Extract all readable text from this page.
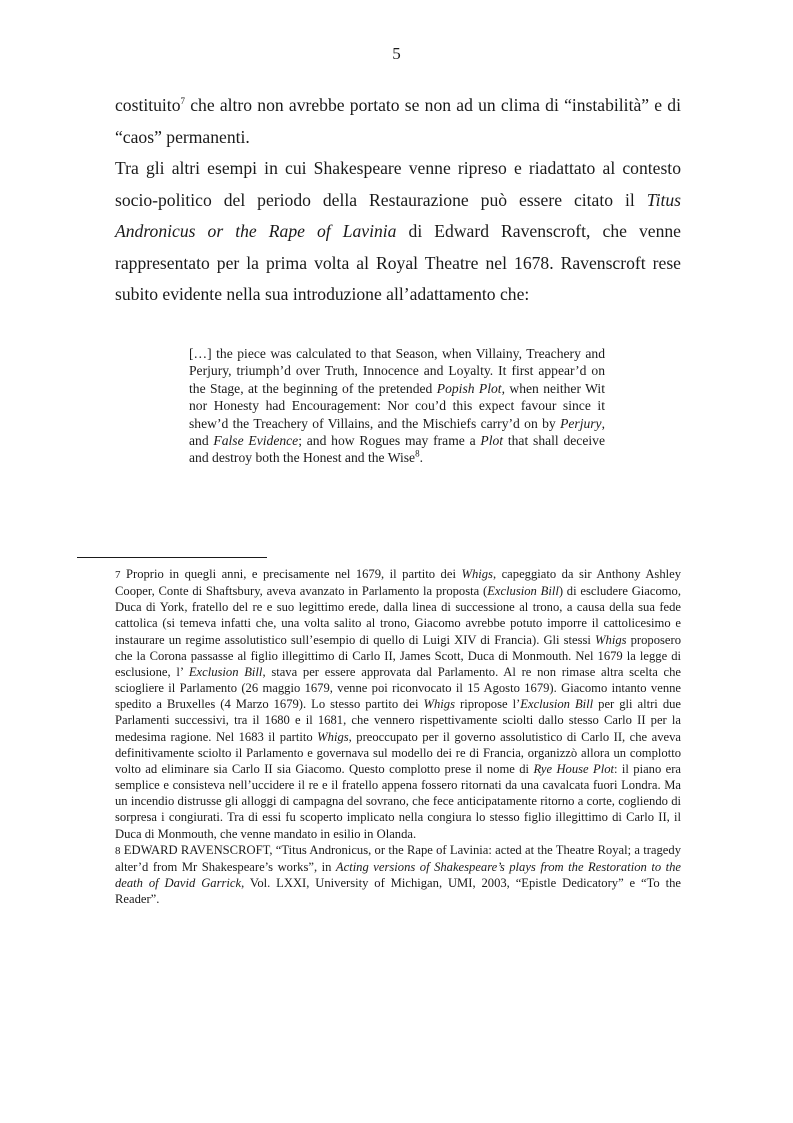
5

costituito$^7$ che altro non avrebbe portato se non ad un clima di “instabilità” e di “caos” permanenti.

Tra gli altri esempi in cui Shakespeare venne ripreso e riadattato al contesto socio-politico del periodo della Restaurazione può essere citato il Titus Andronicus or the Rape of Lavinia di Edward Ravenscroft, che venne rappresentato per la prima volta al Royal Theatre nel 1678. Ravenscroft rese subito evidente nella sua introduzione all’adattamento che:

[…] the piece was calculated to that Season, when Villainy, Treachery and Perjury, triumph’d over Truth, Innocence and Loyalty. It first appear’d on the Stage, at the beginning of the pretended Popish Plot, when neither Wit nor Honesty had Encouragement: Nor cou’d this expect favour since it shew’d the Treachery of Villains, and the Mischiefs carry’d on by Perjury, and False Evidence; and how Rogues may frame a Plot that shall deceive and destroy both the Honest and the Wise$^8$.

7 Proprio in quegli anni, e precisamente nel 1679, il partito dei Whigs, capeggiato da sir Anthony Ashley Cooper, Conte di Shaftsbury, aveva avanzato in Parlamento la proposta (Exclusion Bill) di escludere Giacomo, Duca di York, fratello del re e suo legittimo erede, dalla linea di successione al trono, a causa della sua fede cattolica (si temeva infatti che, una volta salito al trono, Giacomo avrebbe potuto imporre il cattolicesimo e instaurare un regime assolutistico sull’esempio di quello di Luigi XIV di Francia). Gli stessi Whigs proposero che la Corona passasse al figlio illegittimo di Carlo II, James Scott, Duca di Monmouth. Nel 1679 la legge di esclusione, l’ Exclusion Bill, stava per essere approvata dal Parlamento. Al re non rimase altra scelta che sciogliere il Parlamento (26 maggio 1679, venne poi riconvocato il 15 Agosto 1679). Giacomo intanto venne spedito a Bruxelles (4 Marzo 1679). Lo stesso partito dei Whigs ripropose l’Exclusion Bill per gli altri due Parlamenti successivi, tra il 1680 e il 1681, che vennero rispettivamente sciolti dallo stesso Carlo II per la medesima ragione. Nel 1683 il partito Whigs, preoccupato per il governo assolutistico di Carlo II, che aveva definitivamente sciolto il Parlamento e governava sul modello dei re di Francia, organizzò allora un complotto volto ad eliminare sia Carlo II sia Giacomo. Questo complotto prese il nome di Rye House Plot: il piano era semplice e consisteva nell’uccidere il re e il fratello appena fossero ritornati da una cavalcata fuori Londra. Ma un incendio distrusse gli alloggi di campagna del sovrano, che fece anticipatamente ritorno a corte, cogliendo di sorpresa i congiurati. Tra di essi fu scoperto implicato nella congiura lo stesso figlio illegittimo di Carlo II, il Duca di Monmouth, che venne mandato in esilio in Olanda.

8 EDWARD RAVENSCROFT, “Titus Andronicus, or the Rape of Lavinia: acted at the Theatre Royal; a tragedy alter’d from Mr Shakespeare’s works”, in Acting versions of Shakespeare’s plays from the Restoration to the death of David Garrick, Vol. LXXI, University of Michigan, UMI, 2003, “Epistle Dedicatory” e “To the Reader”.
